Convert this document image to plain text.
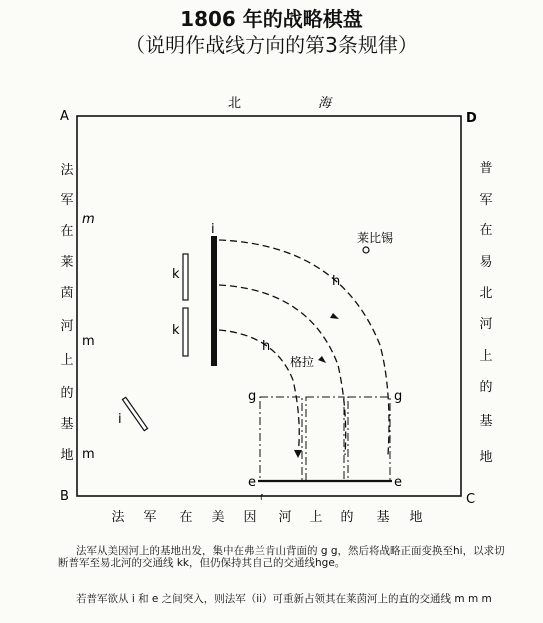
1806 年的战略棋盘
（说明作战线方向的第3条规律）
A	D
B	C
北	海
法
军
在
莱
茵
河
上
的
基
地
普
军
在
易
北
河
上
的
基
地
法 军 在 美 因 河 上 的 基 地
m
m
m
k
k
i
i
h
h
莱比锡
格拉
g	g
e	e
f
法军从美因河上的基地出发，集中在弗兰肯山背面的 g g，然后将战略正面变换至hi，以求切断普军至易北河的交通线 kk，但仍保持其自己的交通线hge。
若普军欲从 i 和 e 之间突入，则法军（ii）可重新占领其在莱茵河上的直的交通线 m m m
